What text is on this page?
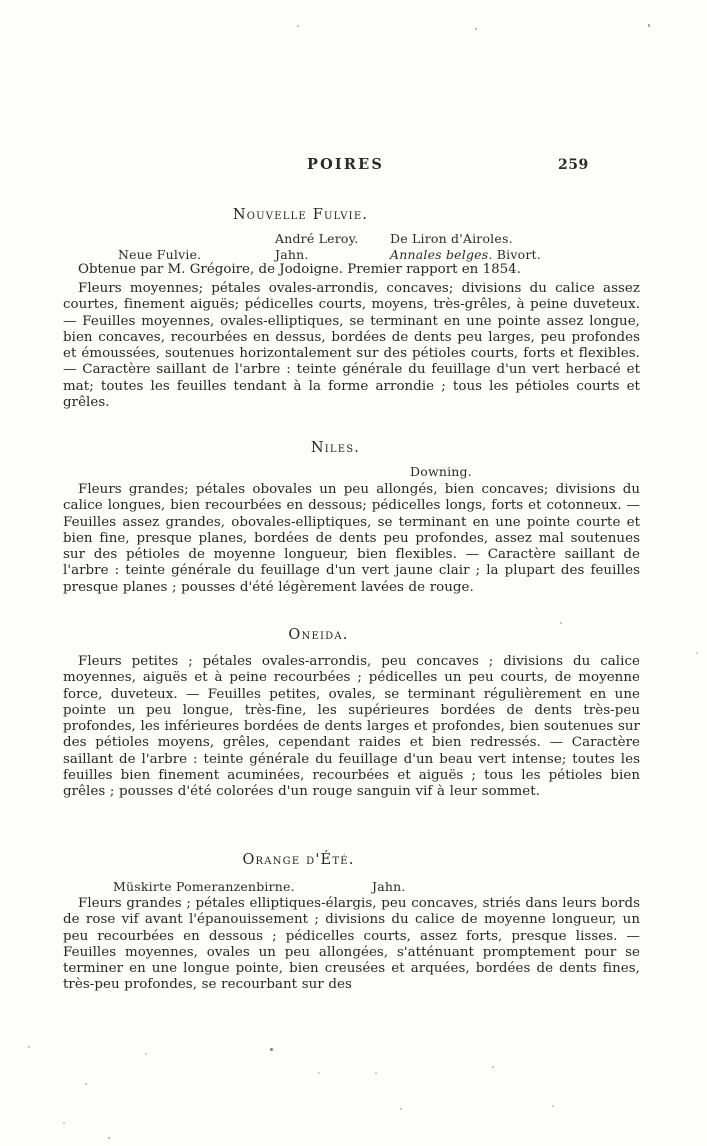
POIRES	259
Nouvelle Fulvie.
André Leroy.	De Liron d'Airoles.
Neue Fulvie.	Jahn.	Annales belges. Bivort.
Obtenue par M. Grégoire, de Jodoigne. Premier rapport en 1854.
Fleurs moyennes; pétales ovales-arrondis, concaves; divisions du calice assez courtes, finement aiguës; pédicelles courts, moyens, très-grêles, à peine duveteux. — Feuilles moyennes, ovales-elliptiques, se terminant en une pointe assez longue, bien concaves, recourbées en dessus, bordées de dents peu larges, peu profondes et émoussées, soutenues horizontalement sur des pétioles courts, forts et flexibles. — Caractère saillant de l'arbre : teinte générale du feuillage d'un vert herbacé et mat; toutes les feuilles tendant à la forme arrondie ; tous les pétioles courts et grêles.
Niles.
Downing.
Fleurs grandes; pétales obovales un peu allongés, bien concaves; divisions du calice longues, bien recourbées en dessous; pédicelles longs, forts et cotonneux. — Feuilles assez grandes, obovales-elliptiques, se terminant en une pointe courte et bien fine, presque planes, bordées de dents peu profondes, assez mal soutenues sur des pétioles de moyenne longueur, bien flexibles. — Caractère saillant de l'arbre : teinte générale du feuillage d'un vert jaune clair ; la plupart des feuilles presque planes ; pousses d'été légèrement lavées de rouge.
Oneida.
Fleurs petites ; pétales ovales-arrondis, peu concaves ; divisions du calice moyennes, aiguës et à peine recourbées ; pédicelles un peu courts, de moyenne force, duveteux. — Feuilles petites, ovales, se terminant régulièrement en une pointe un peu longue, très-fine, les supérieures bordées de dents très-peu profondes, les inférieures bordées de dents larges et profondes, bien soutenues sur des pétioles moyens, grêles, cependant raides et bien redressés. — Caractère saillant de l'arbre : teinte générale du feuillage d'un beau vert intense; toutes les feuilles bien finement acuminées, recourbées et aiguës ; tous les pétioles bien grêles ; pousses d'été colorées d'un rouge sanguin vif à leur sommet.
Orange d'Été.
Müskirte Pomeranzenbirne.	Jahn.
Fleurs grandes ; pétales elliptiques-élargis, peu concaves, striés dans leurs bords de rose vif avant l'épanouissement ; divisions du calice de moyenne longueur, un peu recourbées en dessous ; pédicelles courts, assez forts, presque lisses. — Feuilles moyennes, ovales un peu allongées, s'atténuant promptement pour se terminer en une longue pointe, bien creusées et arquées, bordées de dents fines, très-peu profondes, se recourbant sur des
